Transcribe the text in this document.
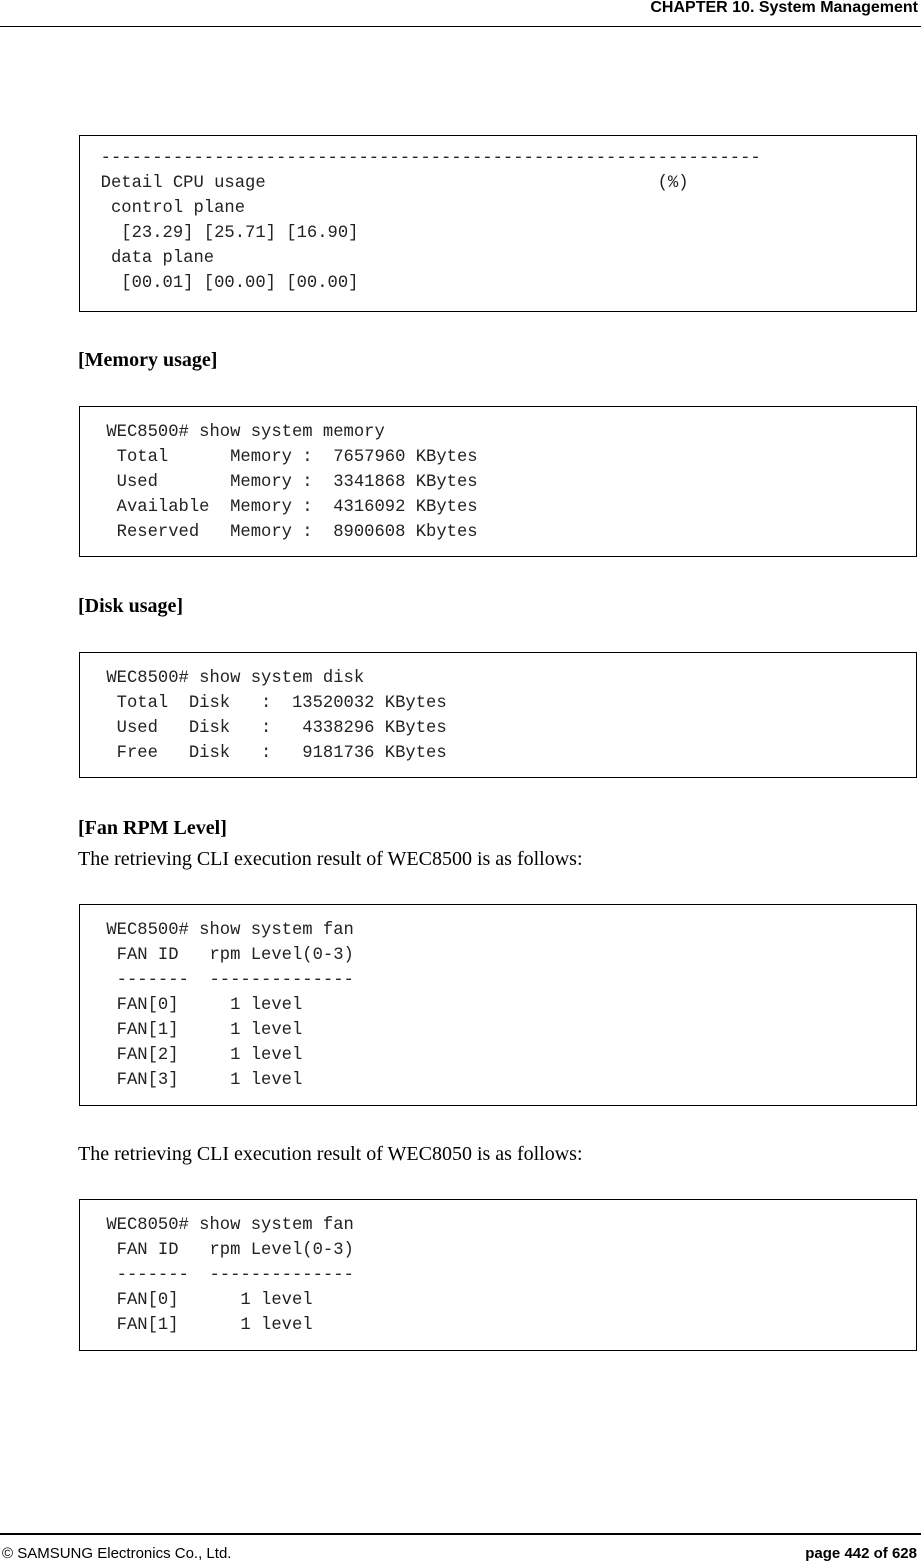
CHAPTER 10. System Management
----------------------------------------------------------------
Detail CPU usage                                      (%)
control plane
[23.29] [25.71] [16.90]
data plane
[00.01] [00.00] [00.00]
[Memory usage]
WEC8500# show system memory
Total      Memory :  7657960 KBytes
Used       Memory :  3341868 KBytes
Available  Memory :  4316092 KBytes
Reserved   Memory :  8900608 Kbytes
[Disk usage]
WEC8500# show system disk
Total  Disk   :  13520032 KBytes
Used   Disk   :   4338296 KBytes
Free   Disk   :   9181736 KBytes
[Fan RPM Level]
The retrieving CLI execution result of WEC8500 is as follows:
WEC8500# show system fan
FAN ID   rpm Level(0-3)
-------  --------------
FAN[0]     1 level
FAN[1]     1 level
FAN[2]     1 level
FAN[3]     1 level
The retrieving CLI execution result of WEC8050 is as follows:
WEC8050# show system fan
FAN ID   rpm Level(0-3)
-------  --------------
FAN[0]      1 level
FAN[1]      1 level
© SAMSUNG Electronics Co., Ltd.	page 442 of 628
